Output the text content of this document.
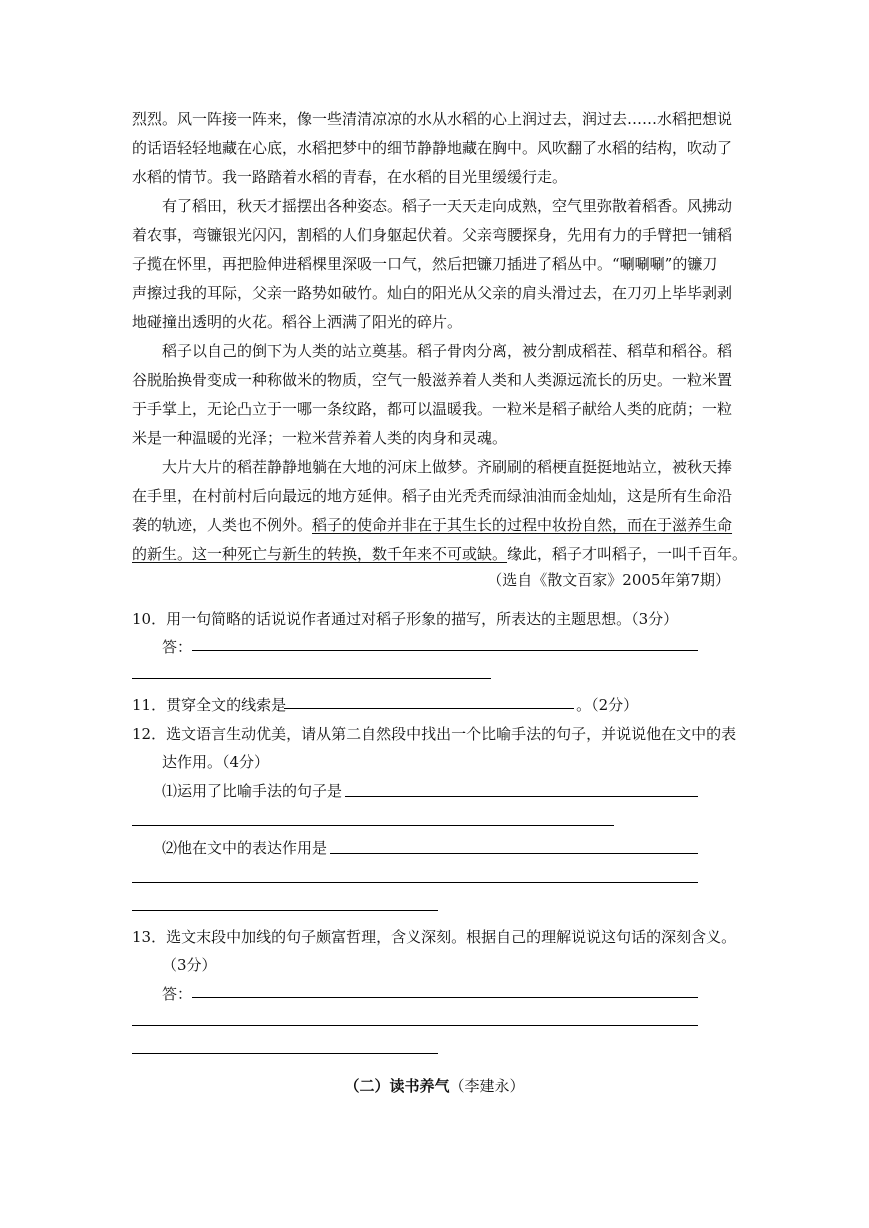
烈烈。风一阵接一阵来，像一些清清凉凉的水从水稻的心上润过去，润过去……水稻把想说
的话语轻轻地藏在心底，水稻把梦中的细节静静地藏在胸中。风吹翻了水稻的结构，吹动了
水稻的情节。我一路踏着水稻的青春，在水稻的目光里缓缓行走。
有了稻田，秋天才摇摆出各种姿态。稻子一天天走向成熟，空气里弥散着稻香。风拂动
着农事，弯镰银光闪闪，割稻的人们身躯起伏着。父亲弯腰探身，先用有力的手臂把一铺稻
子揽在怀里，再把脸伸进稻棵里深吸一口气，然后把镰刀插进了稻丛中。“唰唰唰”的镰刀
声擦过我的耳际，父亲一路势如破竹。灿白的阳光从父亲的肩头滑过去，在刀刃上毕毕剥剥
地碰撞出透明的火花。稻谷上洒满了阳光的碎片。
稻子以自己的倒下为人类的站立奠基。稻子骨肉分离，被分割成稻茬、稻草和稻谷。稻
谷脱胎换骨变成一种称做米的物质，空气一般滋养着人类和人类源远流长的历史。一粒米置
于手掌上，无论凸立于一哪一条纹路，都可以温暖我。一粒米是稻子献给人类的庇荫；一粒
米是一种温暖的光泽；一粒米营养着人类的肉身和灵魂。
大片大片的稻茬静静地躺在大地的河床上做梦。齐刷刷的稻梗直挺挺地站立，被秋天捧
在手里，在村前村后向最远的地方延伸。稻子由光秃秃而绿油油而金灿灿，这是所有生命沿
袭的轨迹，人类也不例外。稻子的使命并非在于其生长的过程中妆扮自然，而在于滋养生命
的新生。这一种死亡与新生的转换，数千年来不可或缺。缘此，稻子才叫稻子，一叫千百年。
（选自《散文百家》2005年第7期）
10．用一句简略的话说说作者通过对稻子形象的描写，所表达的主题思想。（3分）
答：
11．贯穿全文的线索是	。（2分）
12．选文语言生动优美，请从第二自然段中找出一个比喻手法的句子，并说说他在文中的表
达作用。（4分）
⑴运用了比喻手法的句子是
⑵他在文中的表达作用是
13．选文末段中加线的句子颇富哲理，含义深刻。根据自己的理解说说这句话的深刻含义。
（3分）
答：
（二）读书养气（李建永）
